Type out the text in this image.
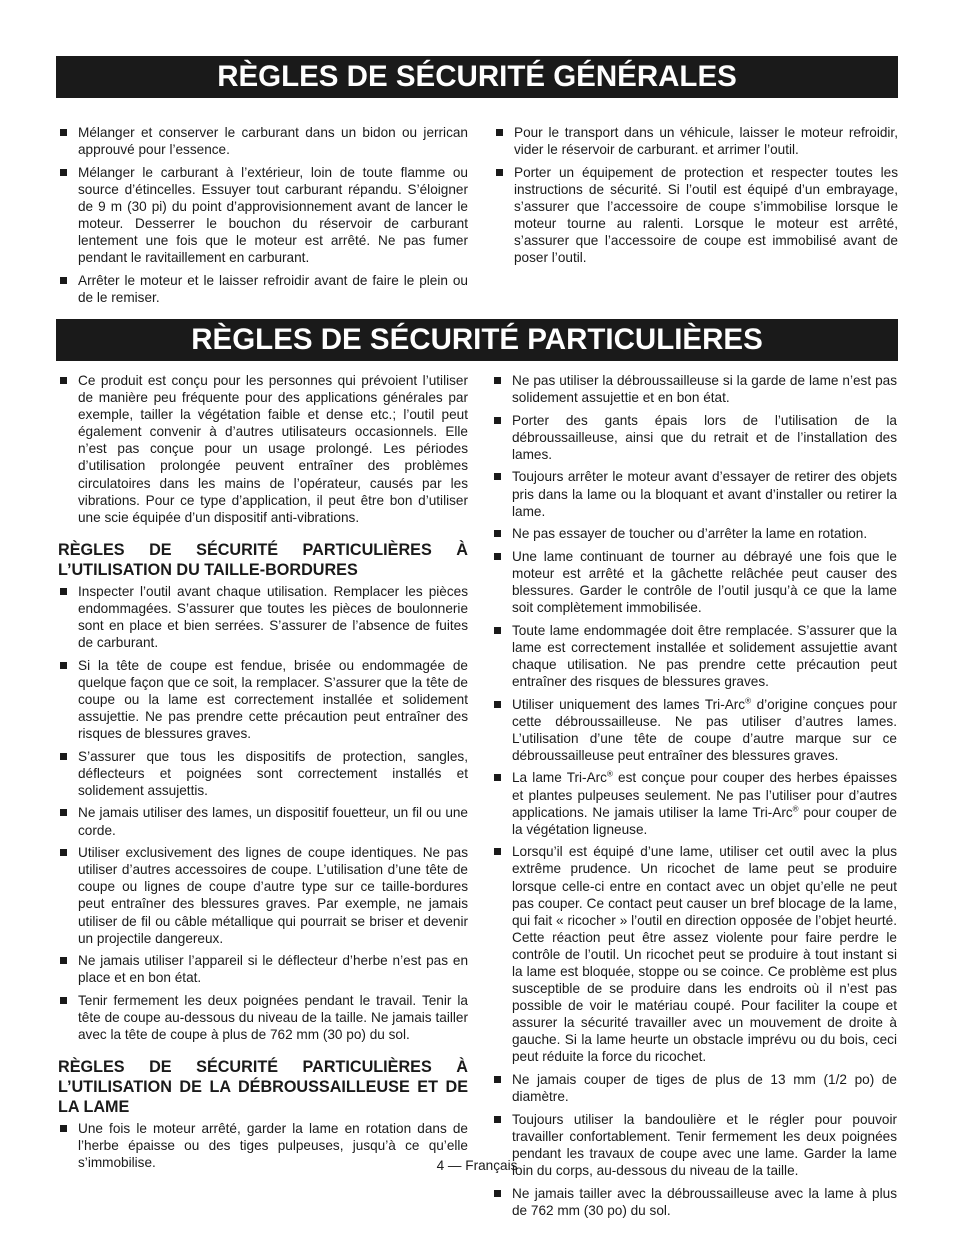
RÈGLES DE SÉCURITÉ GÉNÉRALES
Mélanger et conserver le carburant dans un bidon ou jerrican approuvé pour l’essence.
Mélanger le carburant à l’extérieur, loin de toute flamme ou source d’étincelles. Essuyer tout carburant répandu. S’éloigner de 9 m (30 pi) du point d’approvisionnement avant de lancer le moteur. Desserrer le bouchon du réservoir de carburant lentement une fois que le moteur est arrêté. Ne pas fumer pendant le ravitaillement en carburant.
Arrêter le moteur et le laisser refroidir avant de faire le plein ou de le remiser.
Pour le transport dans un véhicule, laisser le moteur refroidir, vider le réservoir de carburant. et arrimer l’outil.
Porter un équipement de protection et respecter toutes les instructions de sécurité. Si l’outil est équipé d’un embrayage, s’assurer que l’accessoire de coupe s’immobilise lorsque le moteur tourne au ralenti. Lorsque le moteur est arrêté, s’assurer que l’accessoire de coupe est immobilisé avant de poser l’outil.
RÈGLES DE SÉCURITÉ PARTICULIÈRES
Ce produit est conçu pour les personnes qui prévoient l’utiliser de manière peu fréquente pour des applications générales par exemple, tailler la végétation faible et dense etc.; l’outil peut également convenir à d’autres utilisateurs occasionnels. Elle n’est pas conçue pour un usage prolongé. Les périodes d’utilisation prolongée peuvent entraîner des problèmes circulatoires dans les mains de l’opérateur, causés par les vibrations. Pour ce type d’application, il peut être bon d’utiliser une scie équipée d’un dispositif anti-vibrations.
RÈGLES DE SÉCURITÉ PARTICULIÈRES À L’UTILISATION DU TAILLE-BORDURES
Inspecter l’outil avant chaque utilisation. Remplacer les pièces endommagées. S’assurer que toutes les pièces de boulonnerie sont en place et bien serrées. S’assurer de l’absence de fuites de carburant.
Si la tête de coupe est fendue, brisée ou endommagée de quelque façon que ce soit, la remplacer. S’assurer que la tête de coupe ou la lame est correctement installée et solidement assujettie. Ne pas prendre cette précaution peut entraîner des risques de blessures graves.
S’assurer que tous les dispositifs de protection, sangles, déflecteurs et poignées sont correctement installés et solidement assujettis.
Ne jamais utiliser des lames, un dispositif fouetteur, un fil ou une corde.
Utiliser exclusivement des lignes de coupe identiques. Ne pas utiliser d’autres accessoires de coupe. L’utilisation d’une tête de coupe ou lignes de coupe d’autre type sur ce taille-bordures peut entraîner des blessures graves. Par exemple, ne jamais utiliser de fil ou câble métallique qui pourrait se briser et devenir un projectile dangereux.
Ne jamais utiliser l’appareil si le déflecteur d’herbe n’est pas en place et en bon état.
Tenir fermement les deux poignées pendant le travail. Tenir la tête de coupe au-dessous du niveau de la taille. Ne jamais tailler avec la tête de coupe à plus de 762 mm (30 po) du sol.
RÈGLES DE SÉCURITÉ PARTICULIÈRES À L’UTILISATION DE LA DÉBROUSSAILLEUSE ET DE LA LAME
Une fois le moteur arrêté, garder la lame en rotation dans de l’herbe épaisse ou des tiges pulpeuses, jusqu’à ce qu’elle s’immobilise.
Ne pas utiliser la débroussailleuse si la garde de lame n’est pas solidement assujettie et en bon état.
Porter des gants épais lors de l’utilisation de la débroussailleuse, ainsi que du retrait et de l’installation des lames.
Toujours arrêter le moteur avant d’essayer de retirer des objets pris dans la lame ou la bloquant et avant d’installer ou retirer la lame.
Ne pas essayer de toucher ou d’arrêter la lame en rotation.
Une lame continuant de tourner au débrayé une fois que le moteur est arrêté et la gâchette relâchée peut causer des blessures. Garder le contrôle de l’outil jusqu’à ce que la lame soit complètement immobilisée.
Toute lame endommagée doit être remplacée. S’assurer que la lame est correctement installée et solidement assujettie avant chaque utilisation. Ne pas prendre cette précaution peut entraîner des risques de blessures graves.
Utiliser uniquement des lames Tri-Arc® d’origine conçues pour cette débroussailleuse. Ne pas utiliser d’autres lames. L’utilisation d’une tête de coupe d’autre marque sur ce débroussailleuse peut entraîner des blessures graves.
La lame Tri-Arc® est conçue pour couper des herbes épaisses et plantes pulpeuses seulement. Ne pas l’utiliser pour d’autres applications. Ne jamais utiliser la lame Tri-Arc® pour couper de la végétation ligneuse.
Lorsqu’il est équipé d’une lame, utiliser cet outil avec la plus extrême prudence. Un ricochet de lame peut se produire lorsque celle-ci entre en contact avec un objet qu’elle ne peut pas couper. Ce contact peut causer un bref blocage de la lame, qui fait « ricocher » l’outil en direction opposée de l’objet heurté. Cette réaction peut être assez violente pour faire perdre le contrôle de l’outil. Un ricochet peut se produire à tout instant si la lame est bloquée, stoppe ou se coince. Ce problème est plus susceptible de se produire dans les endroits où il n’est pas possible de voir le matériau coupé. Pour faciliter la coupe et assurer la sécurité travailler avec un mouvement de droite à gauche. Si la lame heurte un obstacle imprévu ou du bois, ceci peut réduite la force du ricochet.
Ne jamais couper de tiges de plus de 13 mm (1/2 po) de diamètre.
Toujours utiliser la bandoulière et le régler pour pouvoir travailler confortablement. Tenir fermement les deux poignées pendant les travaux de coupe avec une lame. Garder la lame loin du corps, au-dessous du niveau de la taille.
Ne jamais tailler avec la débroussailleuse avec la lame à plus de 762 mm (30 po) du sol.
4 — Français
